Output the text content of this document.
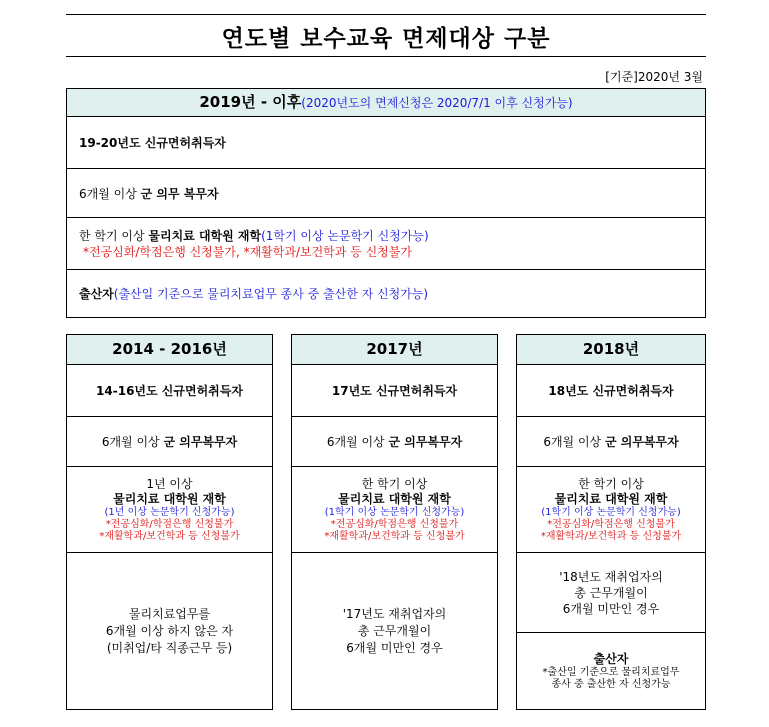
연도별 보수교육 면제대상 구분
[기준]2020년 3월
2019년 - 이후(2020년도의 면제신청은 2020/7/1 이후 신청가능)
19-20년도 신규면허취득자
6개월 이상 군 의무 복무자
한 학기 이상 물리치료 대학원 재학(1학기 이상 논문학기 신청가능)
*전공심화/학점은행 신청불가, *재활학과/보건학과 등 신청불가
출산자(출산일 기준으로 물리치료업무 종사 중 출산한 자 신청가능)
2014 - 2016년
14-16년도 신규면허취득자
6개월 이상 군 의무복무자
1년 이상
물리치료 대학원 재학
(1년 이상 논문학기 신청가능)
*전공심화/학점은행 신청불가
*재활학과/보건학과 등 신청불가
물리치료업무를
6개월 이상 하지 않은 자
(미취업/타 직종근무 등)
2017년
17년도 신규면허취득자
6개월 이상 군 의무복무자
한 학기 이상
물리치료 대학원 재학
(1학기 이상 논문학기 신청가능)
*전공심화/학점은행 신청불가
*재활학과/보건학과 등 신청불가
'17년도 재취업자의
총 근무개월이
6개월 미만인 경우
2018년
18년도 신규면허취득자
6개월 이상 군 의무복무자
한 학기 이상
물리치료 대학원 재학
(1학기 이상 논문학기 신청가능)
*전공심화/학점은행 신청불가
*재활학과/보건학과 등 신청불가
'18년도 재취업자의
총 근무개월이
6개월 미만인 경우
출산자
*출산일 기준으로 물리치료업무
종사 중 출산한 자 신청가능
